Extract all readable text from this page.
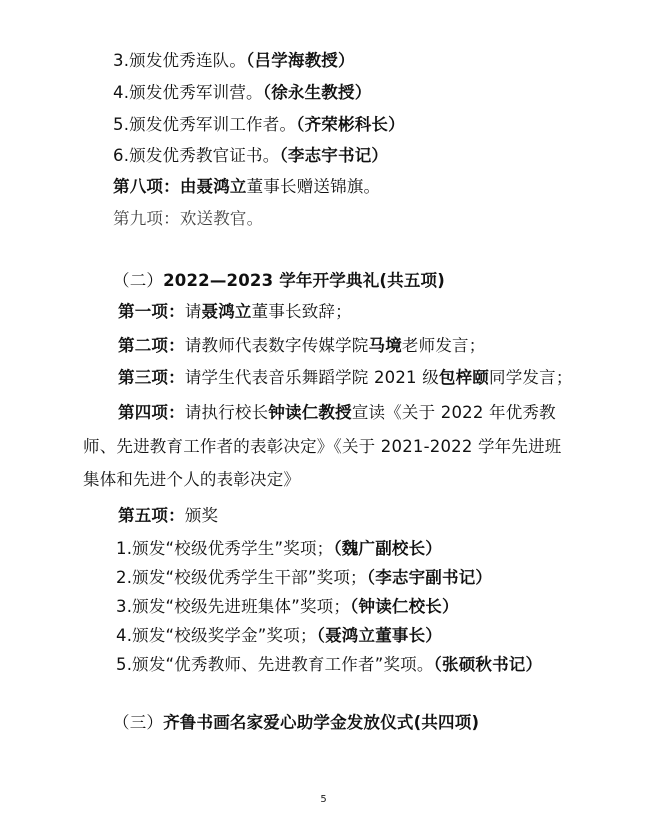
3.颁发优秀连队。（吕学海教授）
4.颁发优秀军训营。（徐永生教授）
5.颁发优秀军训工作者。（齐荣彬科长）
6.颁发优秀教官证书。（李志宇书记）
第八项：由聂鸿立董事长赠送锦旗。
第九项：欢送教官。
（二）2022—2023 学年开学典礼(共五项)
第一项：请聂鸿立董事长致辞；
第二项：请教师代表数字传媒学院马境老师发言；
第三项：请学生代表音乐舞蹈学院 2021 级包梓颐同学发言；
第四项：请执行校长钟读仁教授宣读《关于 2022 年优秀教
师、先进教育工作者的表彰决定》《关于 2021-2022 学年先进班
集体和先进个人的表彰决定》
第五项：颁奖
1.颁发“校级优秀学生”奖项；（魏广副校长）
2.颁发“校级优秀学生干部”奖项；（李志宇副书记）
3.颁发“校级先进班集体”奖项；（钟读仁校长）
4.颁发“校级奖学金”奖项；（聂鸿立董事长）
5.颁发“优秀教师、先进教育工作者”奖项。（张硕秋书记）
（三）齐鲁书画名家爱心助学金发放仪式(共四项)
5
